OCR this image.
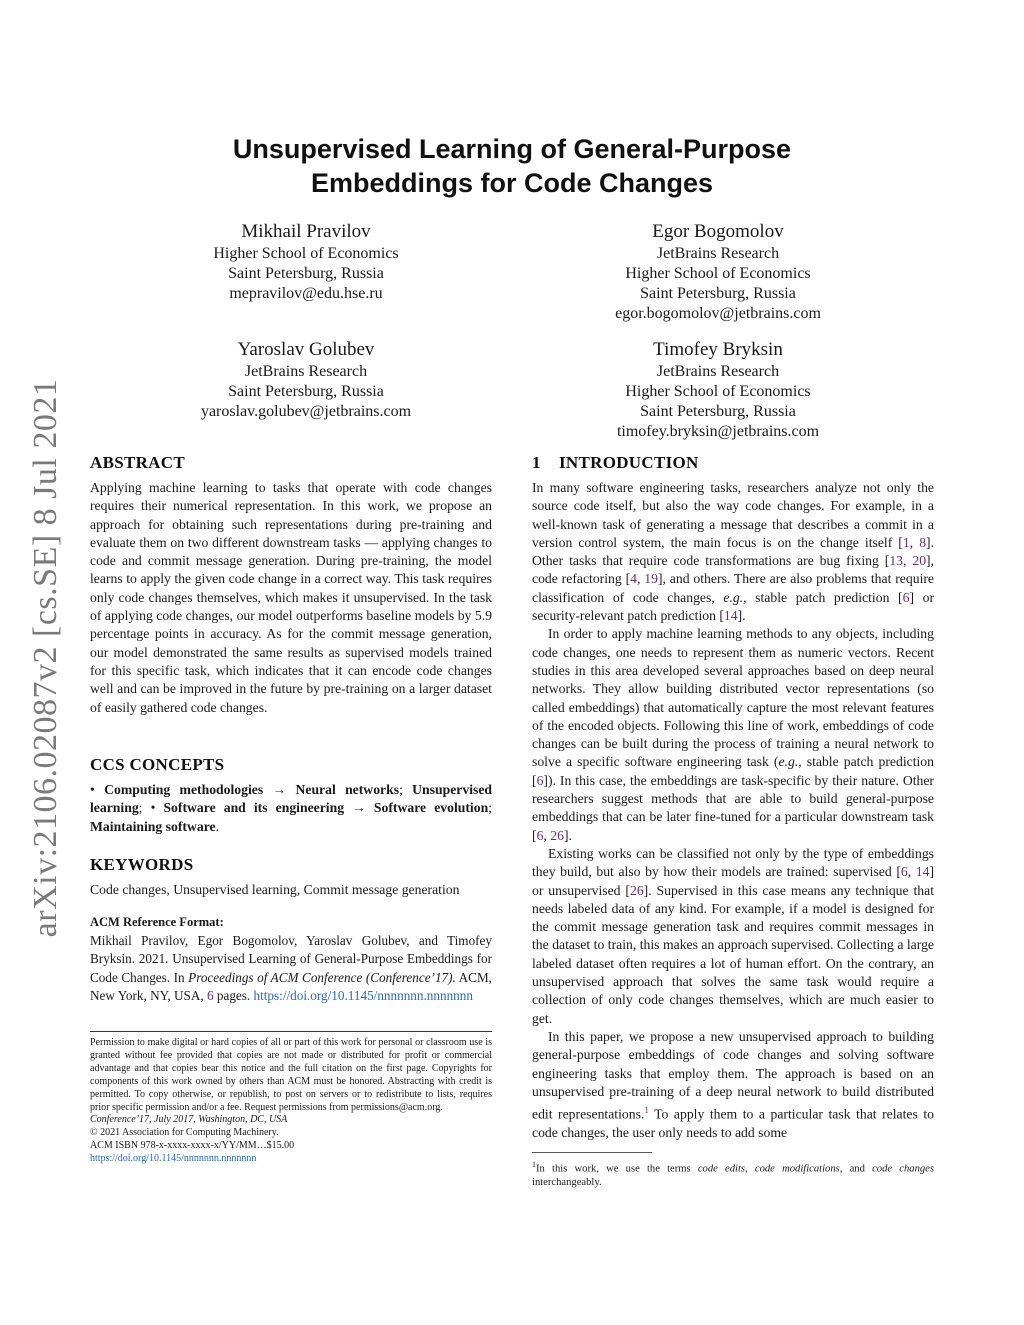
arXiv:2106.02087v2 [cs.SE] 8 Jul 2021
Unsupervised Learning of General-Purpose Embeddings for Code Changes
Mikhail Pravilov
Higher School of Economics
Saint Petersburg, Russia
mepravilov@edu.hse.ru
Egor Bogomolov
JetBrains Research
Higher School of Economics
Saint Petersburg, Russia
egor.bogomolov@jetbrains.com
Yaroslav Golubev
JetBrains Research
Saint Petersburg, Russia
yaroslav.golubev@jetbrains.com
Timofey Bryksin
JetBrains Research
Higher School of Economics
Saint Petersburg, Russia
timofey.bryksin@jetbrains.com
ABSTRACT

Applying machine learning to tasks that operate with code changes requires their numerical representation. In this work, we propose an approach for obtaining such representations during pre-training and evaluate them on two different downstream tasks — applying changes to code and commit message generation. During pre-training, the model learns to apply the given code change in a correct way. This task requires only code changes themselves, which makes it unsupervised. In the task of applying code changes, our model outperforms baseline models by 5.9 percentage points in accuracy. As for the commit message generation, our model demonstrated the same results as supervised models trained for this specific task, which indicates that it can encode code changes well and can be improved in the future by pre-training on a larger dataset of easily gathered code changes.

CCS CONCEPTS

• Computing methodologies → Neural networks; Unsupervised learning; • Software and its engineering → Software evolution; Maintaining software.

KEYWORDS

Code changes, Unsupervised learning, Commit message generation

ACM Reference Format:

Mikhail Pravilov, Egor Bogomolov, Yaroslav Golubev, and Timofey Bryksin. 2021. Unsupervised Learning of General-Purpose Embeddings for Code Changes. In Proceedings of ACM Conference (Conference’17). ACM, New York, NY, USA, 6 pages. https://doi.org/10.1145/nnnnnnn.nnnnnnn

Permission to make digital or hard copies of all or part of this work for personal or classroom use is granted without fee provided that copies are not made or distributed for profit or commercial advantage and that copies bear this notice and the full citation on the first page. Copyrights for components of this work owned by others than ACM must be honored. Abstracting with credit is permitted. To copy otherwise, or republish, to post on servers or to redistribute to lists, requires prior specific permission and/or a fee. Request permissions from permissions@acm.org.

Conference’17, July 2017, Washington, DC, USA

© 2021 Association for Computing Machinery.

ACM ISBN 978-x-xxxx-xxxx-x/YY/MM…$15.00

https://doi.org/10.1145/nnnnnnn.nnnnnnn

1    INTRODUCTION

In many software engineering tasks, researchers analyze not only the source code itself, but also the way code changes. For example, in a well-known task of generating a message that describes a commit in a version control system, the main focus is on the change itself [1, 8]. Other tasks that require code transformations are bug fixing [13, 20], code refactoring [4, 19], and others. There are also problems that require classification of code changes, e.g., stable patch prediction [6] or security-relevant patch prediction [14].

In order to apply machine learning methods to any objects, including code changes, one needs to represent them as numeric vectors. Recent studies in this area developed several approaches based on deep neural networks. They allow building distributed vector representations (so called embeddings) that automatically capture the most relevant features of the encoded objects. Following this line of work, embeddings of code changes can be built during the process of training a neural network to solve a specific software engineering task (e.g., stable patch prediction [6]). In this case, the embeddings are task-specific by their nature. Other researchers suggest methods that are able to build general-purpose embeddings that can be later fine-tuned for a particular downstream task [6, 26].

Existing works can be classified not only by the type of embeddings they build, but also by how their models are trained: supervised [6, 14] or unsupervised [26]. Supervised in this case means any technique that needs labeled data of any kind. For example, if a model is designed for the commit message generation task and requires commit messages in the dataset to train, this makes an approach supervised. Collecting a large labeled dataset often requires a lot of human effort. On the contrary, an unsupervised approach that solves the same task would require a collection of only code changes themselves, which are much easier to get.

In this paper, we propose a new unsupervised approach to building general-purpose embeddings of code changes and solving software engineering tasks that employ them. The approach is based on an unsupervised pre-training of a deep neural network to build distributed edit representations.$^1$ To apply them to a particular task that relates to code changes, the user only needs to add some

$^1$In this work, we use the terms code edits, code modifications, and code changes interchangeably.
